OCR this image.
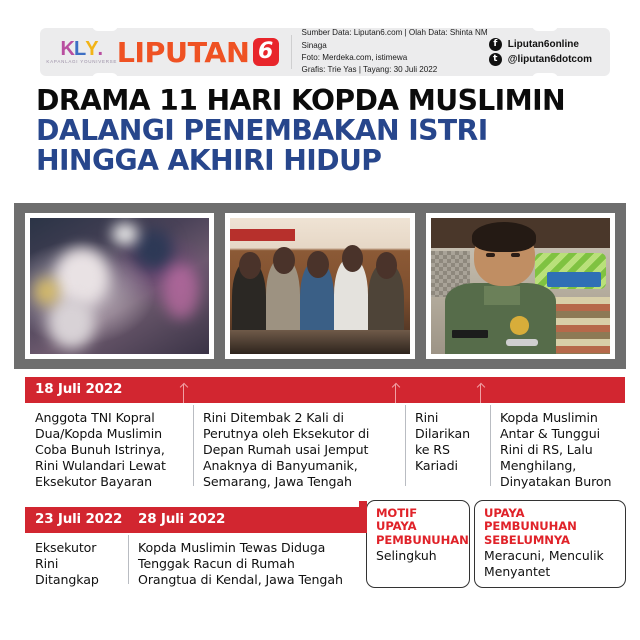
K L Y .
KAPANLAGI YOUNIVERSE LIPUTAN 6
Sumber Data: Liputan6.com | Olah Data: Shinta NM Sinaga
Foto: Merdeka.com, istimewa
Grafis: Trie Yas | Tayang: 30 Juli 2022
f	Liputan6online
t	@liputan6dotcom
DRAMA 11 HARI KOPDA MUSLIMIN
DALANGI PENEMBAKAN ISTRI
HINGGA AKHIRI HIDUP
18 Juli 2022
Anggota TNI Kopral Dua/Kopda Muslimin Coba Bunuh Istrinya, Rini Wulandari Lewat Eksekutor Bayaran
Rini Ditembak 2 Kali di Perutnya oleh Eksekutor di Depan Rumah usai Jemput Anaknya di Banyumanik, Semarang, Jawa Tengah
Rini Dilarikan ke RS Kariadi
Kopda Muslimin Antar & Tunggui Rini di RS, Lalu Menghilang, Dinyatakan Buron
23 Juli 2022 28 Juli 2022
Eksekutor Rini Ditangkap
Kopda Muslimin Tewas Diduga Tenggak Racun di Rumah Orangtua di Kendal, Jawa Tengah
MOTIF UPAYA PEMBUNUHAN
Selingkuh
UPAYA PEMBUNUHAN SEBELUMNYA
Meracuni, Menculik Menyantet
